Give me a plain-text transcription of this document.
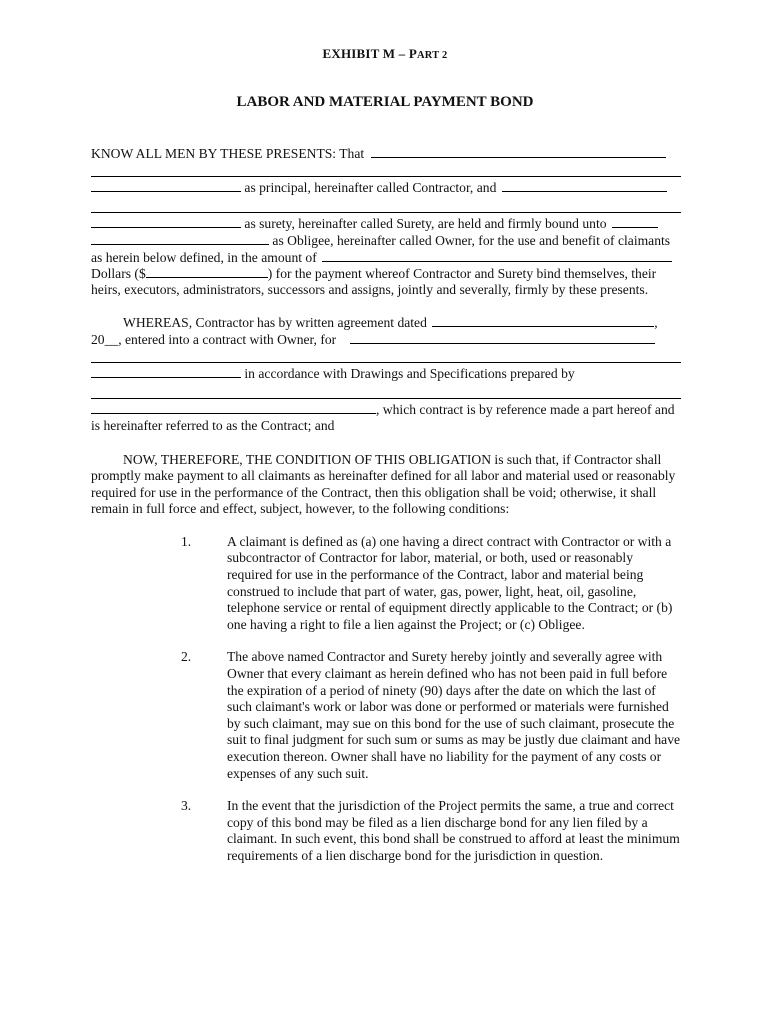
EXHIBIT M – PART 2
LABOR AND MATERIAL PAYMENT BOND
KNOW ALL MEN BY THESE PRESENTS: That
as principal, hereinafter called Contractor, and
as surety, hereinafter called Surety, are held and firmly bound unto
as Obligee, hereinafter called Owner, for the use and benefit of claimants
as herein below defined, in the amount of
Dollars ($	) for the payment whereof Contractor and Surety bind themselves, their
heirs, executors, administrators, successors and assigns, jointly and severally, firmly by these presents.
WHEREAS, Contractor has by written agreement dated	,
20__, entered into a contract with Owner, for
in accordance with Drawings and Specifications prepared by
, which contract is by reference made a part hereof and
is hereinafter referred to as the Contract; and
NOW, THEREFORE, THE CONDITION OF THIS OBLIGATION is such that, if Contractor shall promptly make payment to all claimants as hereinafter defined for all labor and material used or reasonably required for use in the performance of the Contract, then this obligation shall be void; otherwise, it shall remain in full force and effect, subject, however, to the following conditions:
1.	A claimant is defined as (a) one having a direct contract with Contractor or with a subcontractor of Contractor for labor, material, or both, used or reasonably required for use in the performance of the Contract, labor and material being construed to include that part of water, gas, power, light, heat, oil, gasoline, telephone service or rental of equipment directly applicable to the Contract; or (b) one having a right to file a lien against the Project; or (c) Obligee.

2.	The above named Contractor and Surety hereby jointly and severally agree with Owner that every claimant as herein defined who has not been paid in full before the expiration of a period of ninety (90) days after the date on which the last of such claimant's work or labor was done or performed or materials were furnished by such claimant, may sue on this bond for the use of such claimant, prosecute the suit to final judgment for such sum or sums as may be justly due claimant and have execution thereon. Owner shall have no liability for the payment of any costs or expenses of any such suit.

3.	In the event that the jurisdiction of the Project permits the same, a true and correct copy of this bond may be filed as a lien discharge bond for any lien filed by a claimant. In such event, this bond shall be construed to afford at least the minimum requirements of a lien discharge bond for the jurisdiction in question.
